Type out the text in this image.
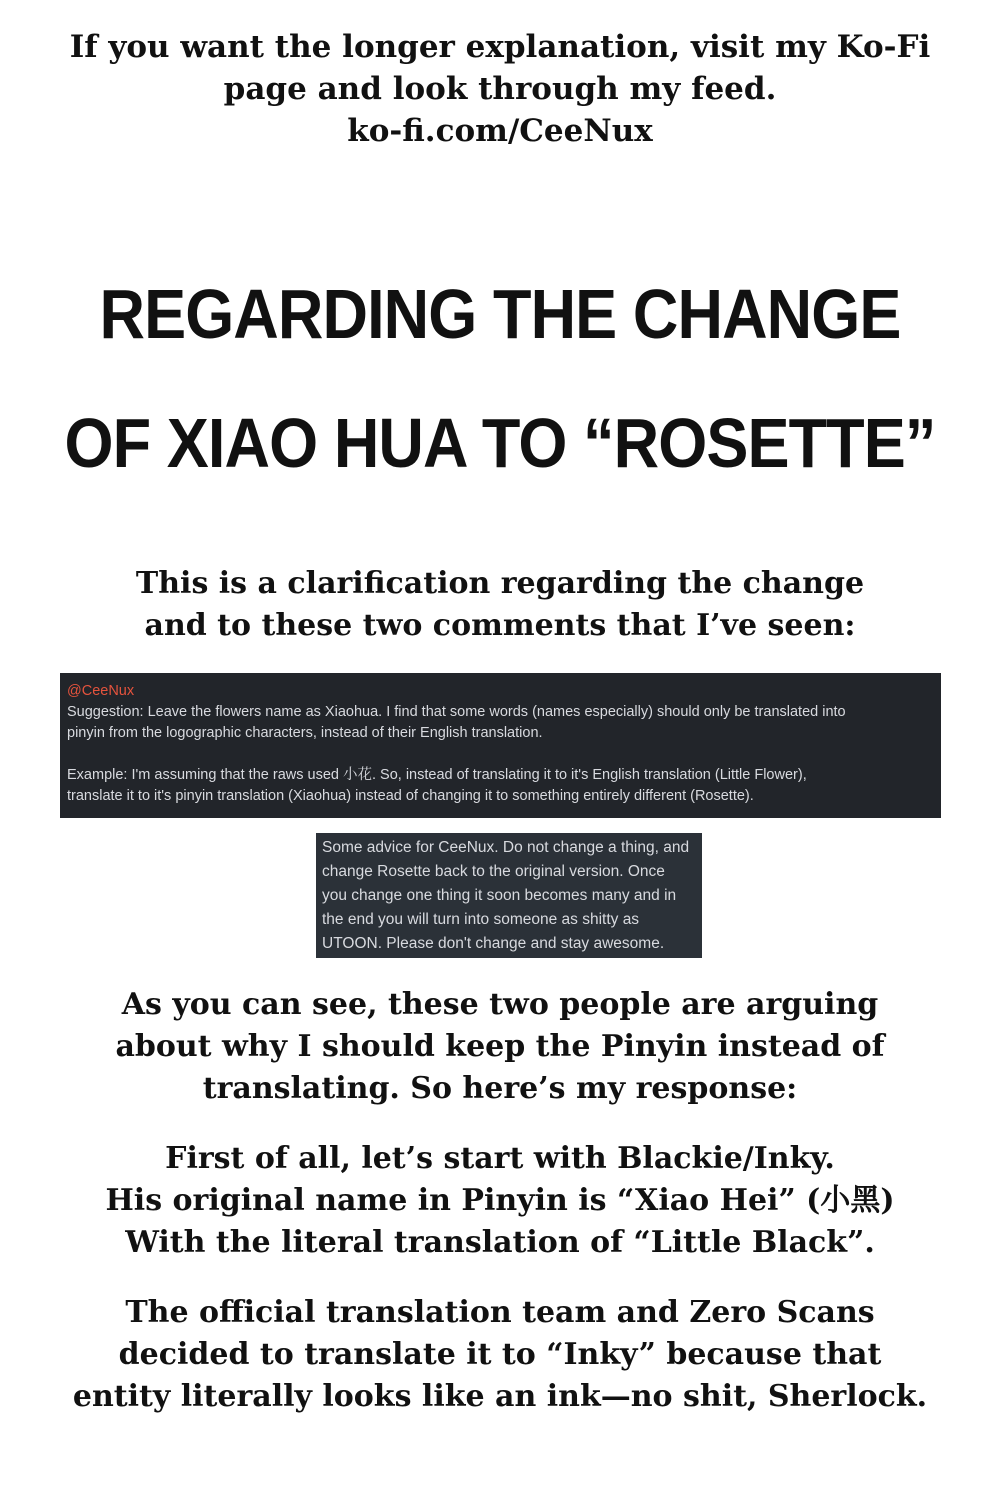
If you want the longer explanation, visit my Ko-Fi

page and look through my feed.

ko-fi.com/CeeNux

REGARDING THE CHANGE
OF XIAO HUA TO “ROSETTE”

This is a clarification regarding the change

and to these two comments that I’ve seen:

@CeeNux

Suggestion: Leave the flowers name as Xiaohua. I find that some words (names especially) should only be translated into

pinyin from the logographic characters, instead of their English translation.

Example: I'm assuming that the raws used 小花. So, instead of translating it to it's English translation (Little Flower),

translate it to it's pinyin translation (Xiaohua) instead of changing it to something entirely different (Rosette).

Some advice for CeeNux. Do not change a thing, and

change Rosette back to the original version. Once

you change one thing it soon becomes many and in

the end you will turn into someone as shitty as

UTOON. Please don't change and stay awesome.

As you can see, these two people are arguing

about why I should keep the Pinyin instead of

translating. So here’s my response:

First of all, let’s start with Blackie/Inky.

His original name in Pinyin is “Xiao Hei” (小黑)

With the literal translation of “Little Black”.

The official translation team and Zero Scans

decided to translate it to “Inky” because that

entity literally looks like an ink—no shit, Sherlock.
